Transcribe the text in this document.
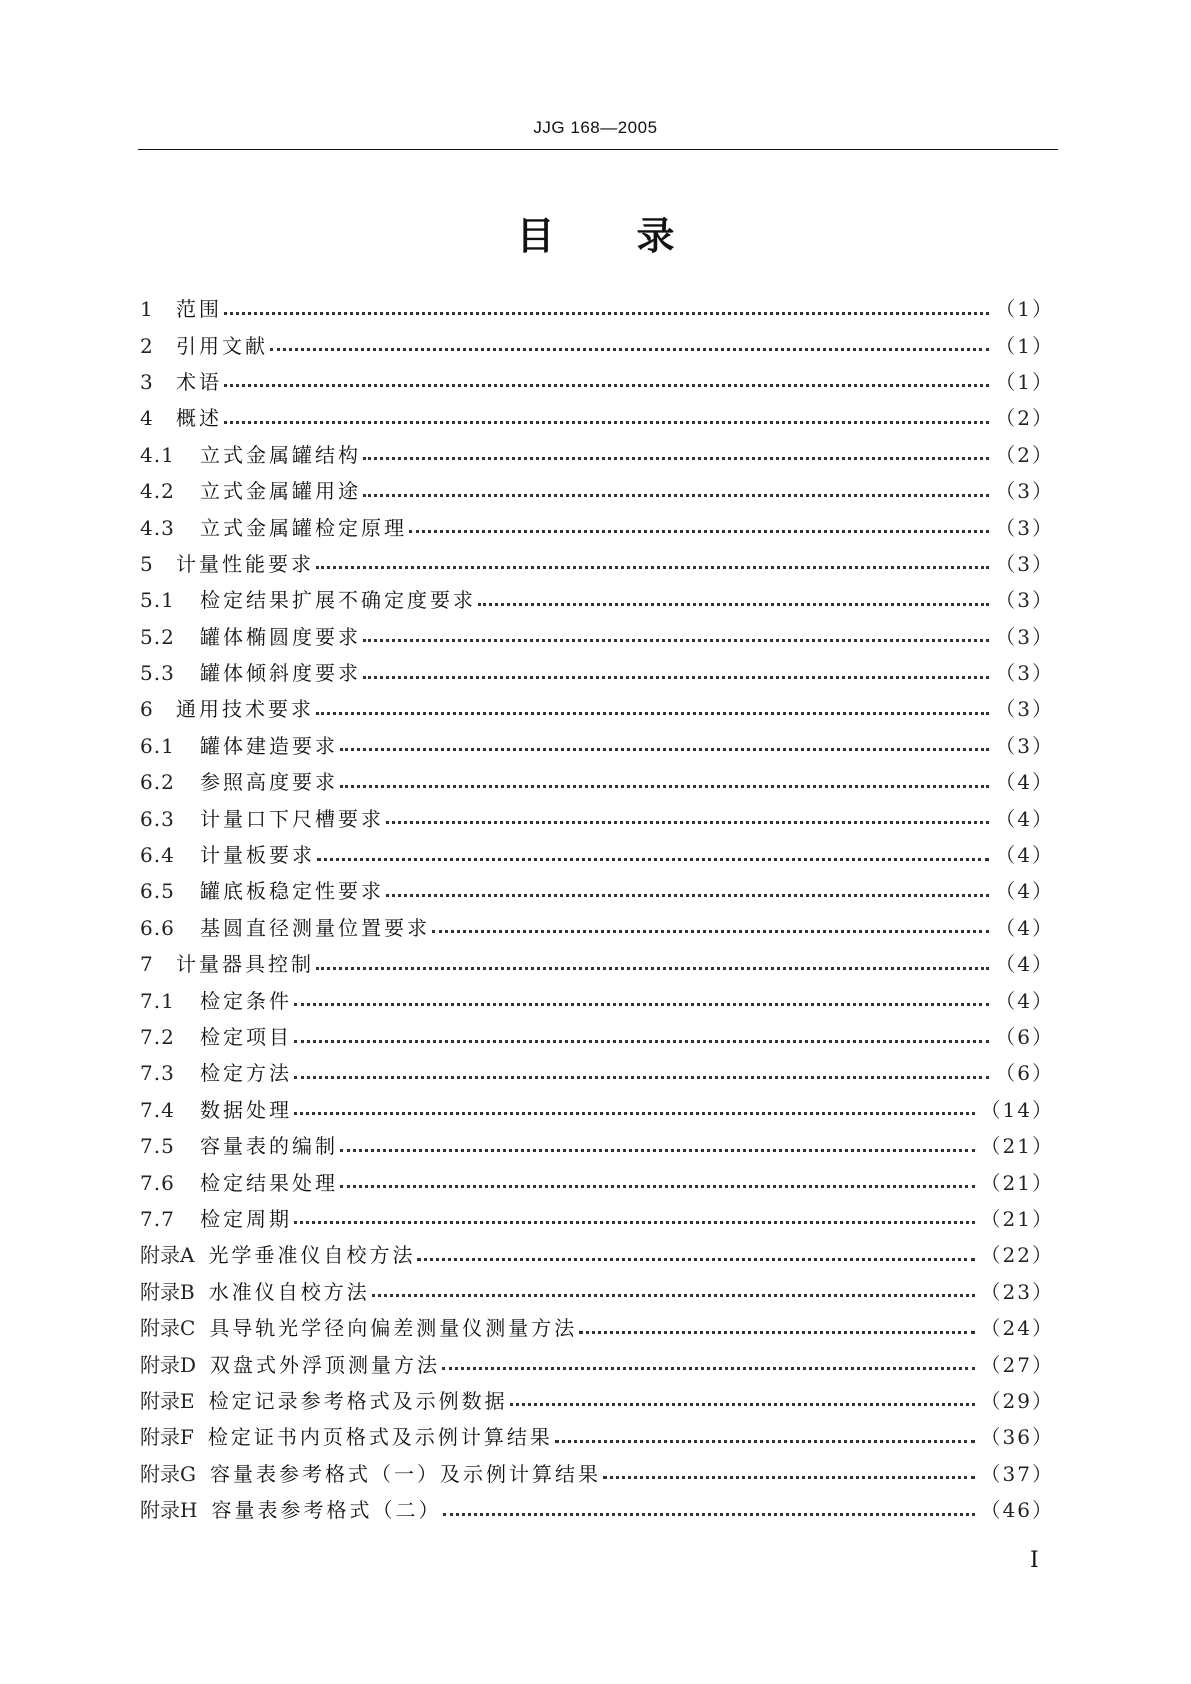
JJG 168—2005
目 录
1	范围	（1）
2	引用文献	（1）
3	术语	（1）
4	概述	（2）
4.1	立式金属罐结构	（2）
4.2	立式金属罐用途	（3）
4.3	立式金属罐检定原理	（3）
5	计量性能要求	（3）
5.1	检定结果扩展不确定度要求	（3）
5.2	罐体椭圆度要求	（3）
5.3	罐体倾斜度要求	（3）
6	通用技术要求	（3）
6.1	罐体建造要求	（3）
6.2	参照高度要求	（4）
6.3	计量口下尺槽要求	（4）
6.4	计量板要求	（4）
6.5	罐底板稳定性要求	（4）
6.6	基圆直径测量位置要求	（4）
7	计量器具控制	（4）
7.1	检定条件	（4）
7.2	检定项目	（6）
7.3	检定方法	（6）
7.4	数据处理	（14）
7.5	容量表的编制	（21）
7.6	检定结果处理	（21）
7.7	检定周期	（21）
附录A 光学垂准仪自校方法	（22）
附录B 水准仪自校方法	（23）
附录C 具导轨光学径向偏差测量仪测量方法	（24）
附录D 双盘式外浮顶测量方法	（27）
附录E 检定记录参考格式及示例数据	（29）
附录F 检定证书内页格式及示例计算结果	（36）
附录G 容量表参考格式（一）及示例计算结果	（37）
附录H 容量表参考格式（二）	（46）
I
